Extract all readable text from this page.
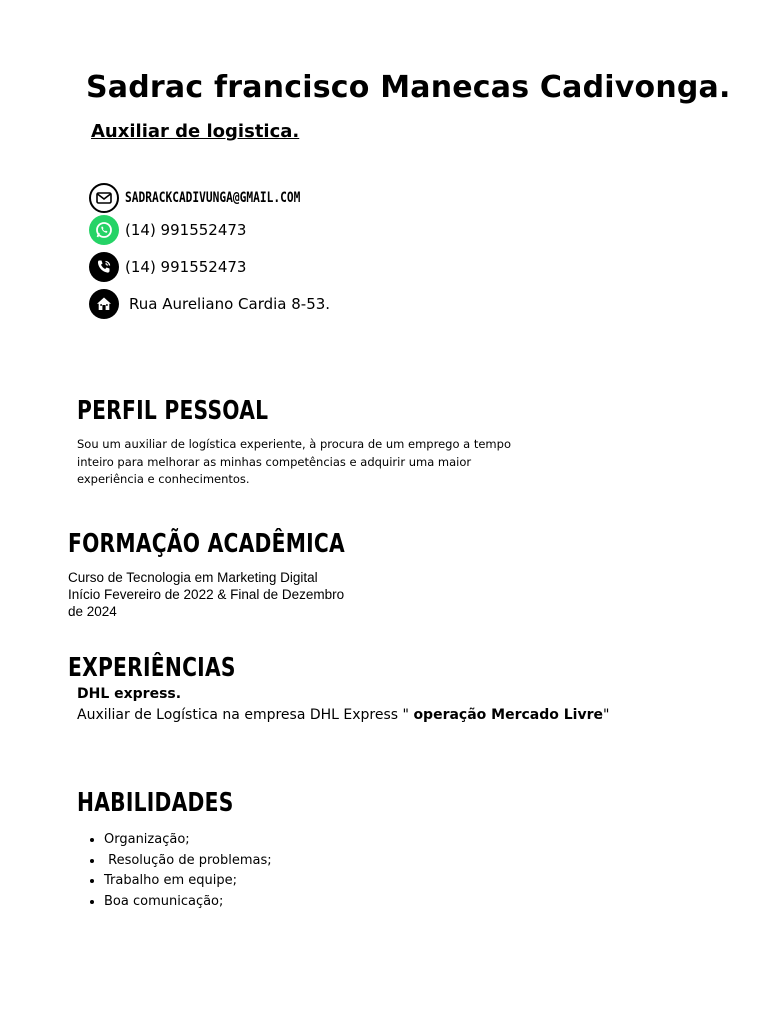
Sadrac francisco Manecas Cadivonga.
Auxiliar de logistica.
SADRACKCADIVUNGA@GMAIL.COM
(14) 991552473
(14) 991552473
Rua Aureliano Cardia 8-53.
PERFIL PESSOAL
Sou um auxiliar de logística experiente, à procura de um emprego a tempo
inteiro para melhorar as minhas competências e adquirir uma maior
experiência e conhecimentos.
FORMAÇÃO ACADÊMICA
Curso de Tecnologia em Marketing Digital
Início Fevereiro de 2022 & Final de Dezembro
de 2024
EXPERIÊNCIAS
DHL express.
Auxiliar de Logística na empresa DHL Express " operação Mercado Livre"
HABILIDADES
• Organização;
•  Resolução de problemas;
• Trabalho em equipe;
• Boa comunicação;
